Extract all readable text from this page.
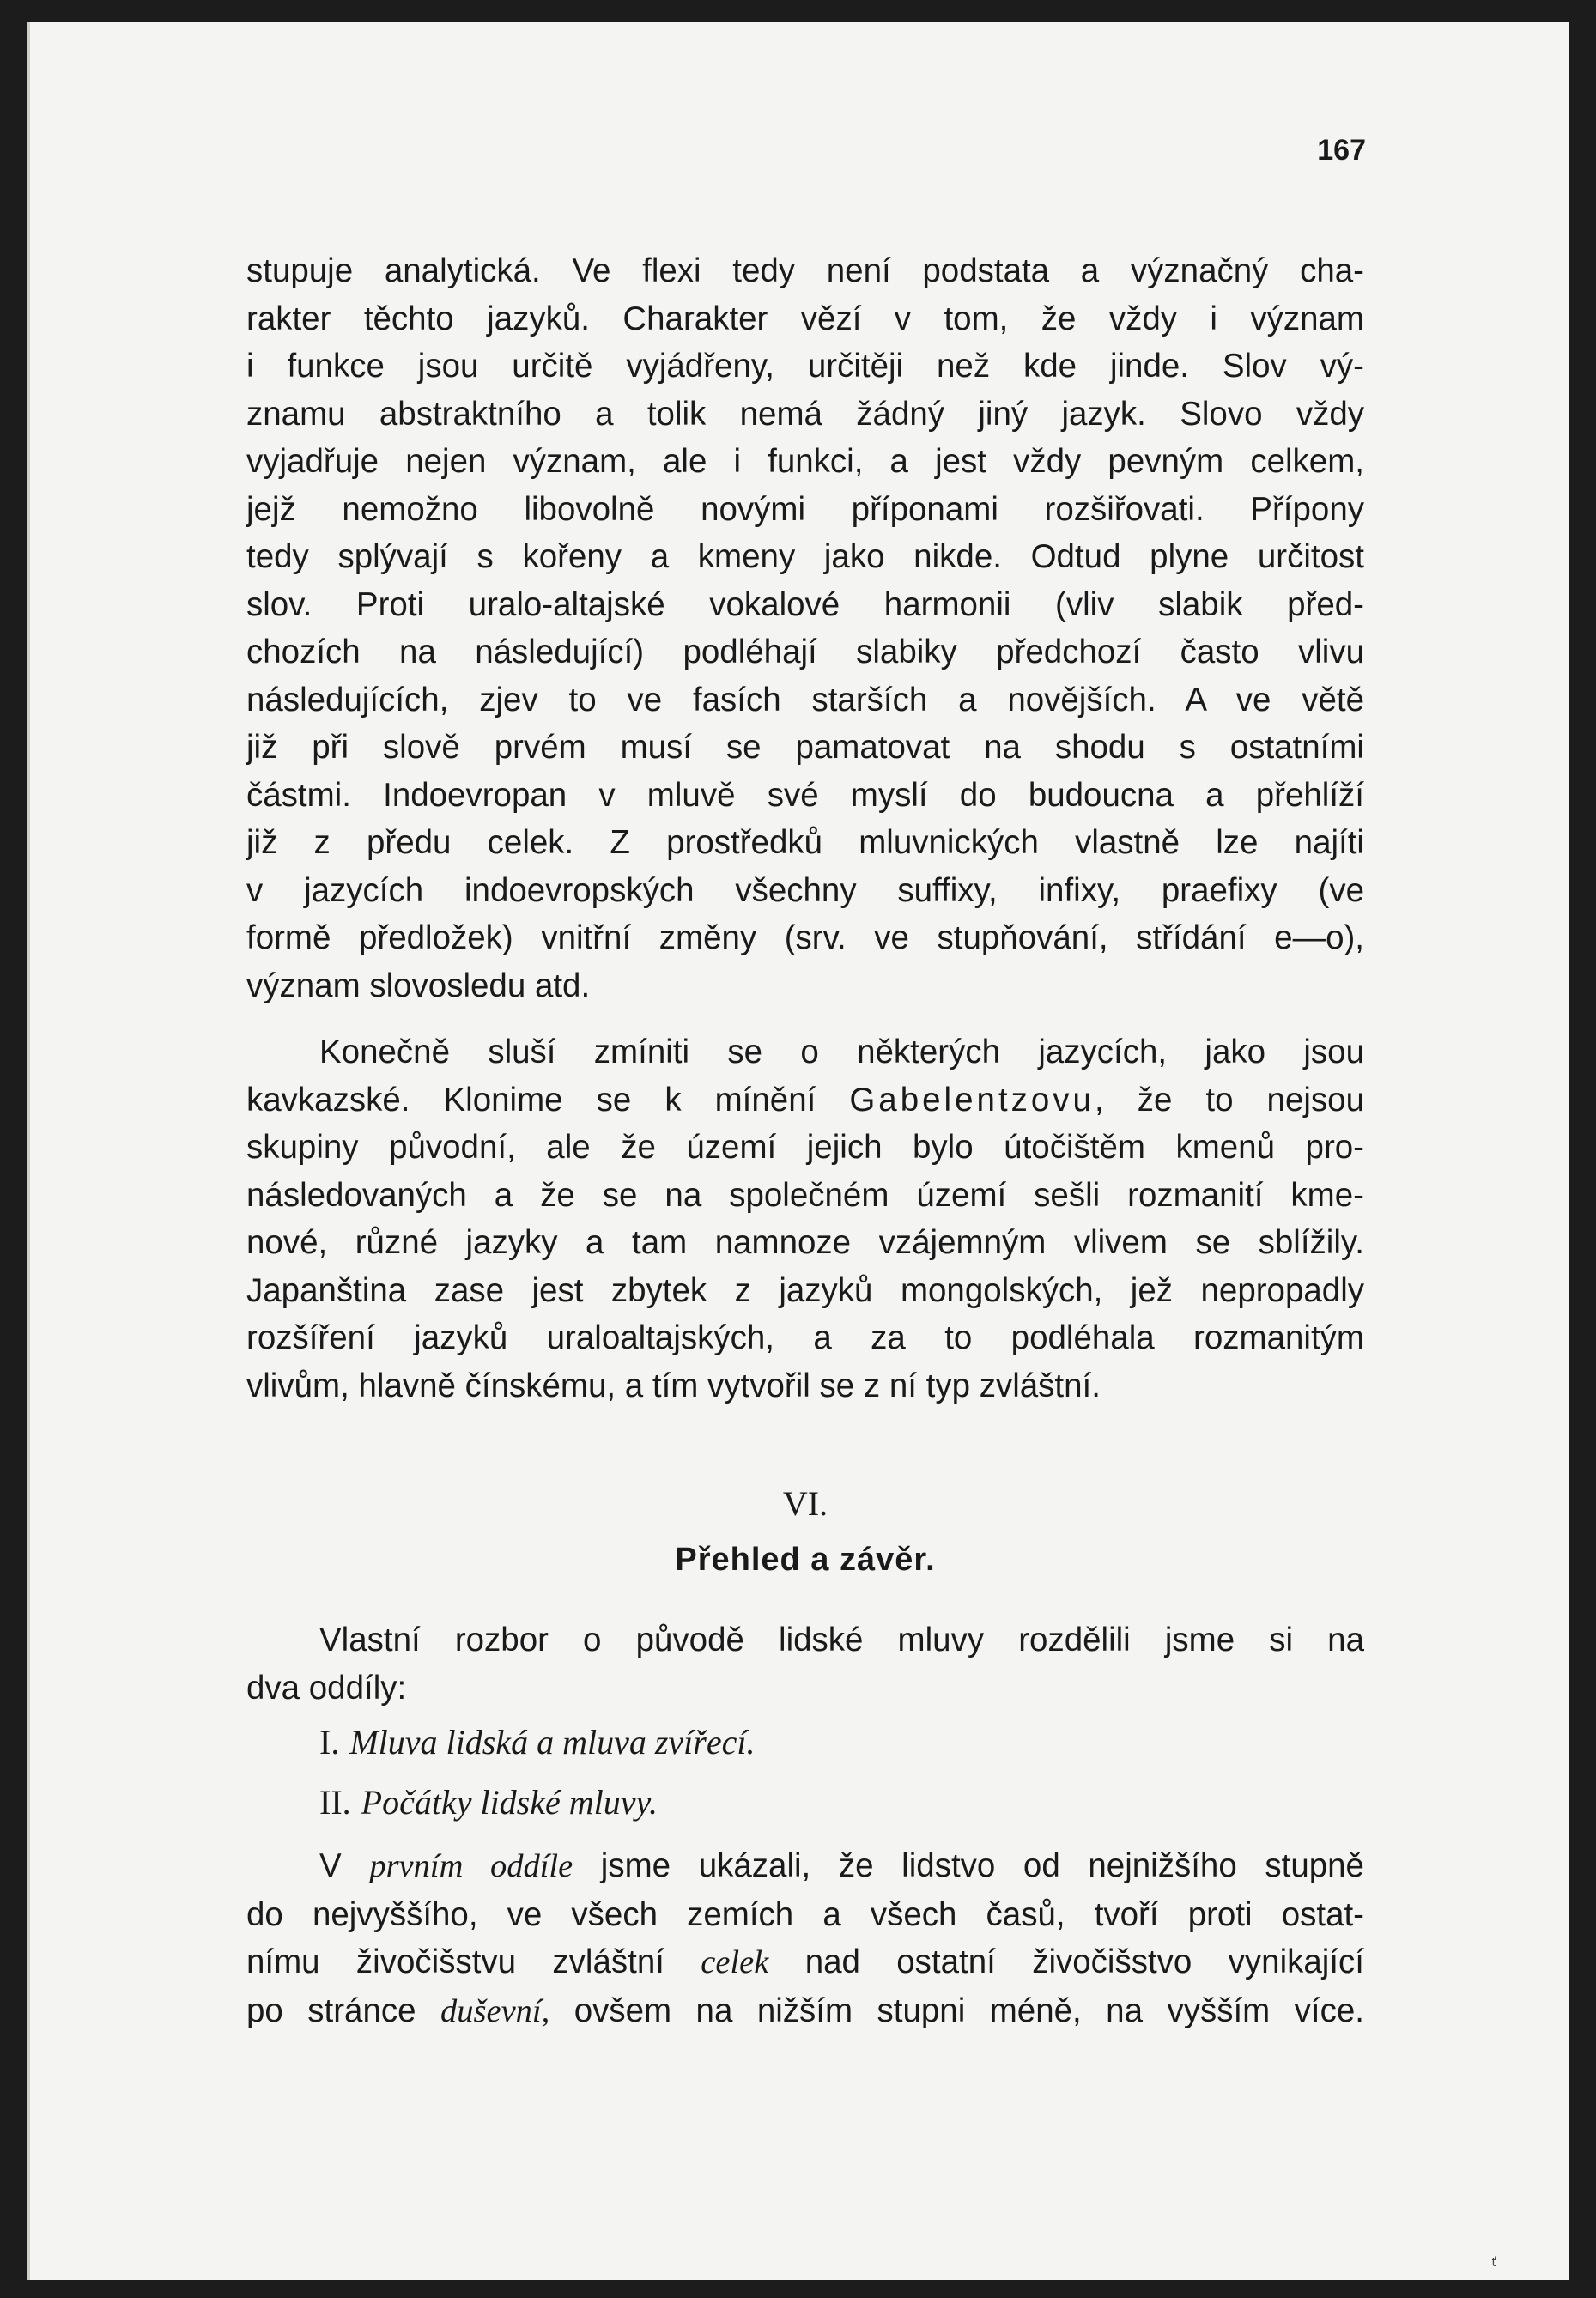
167
stupuje analytická. Ve flexi tedy není podstata a význačný cha-
rakter těchto jazyků. Charakter vězí v tom, že vždy i význam
i funkce jsou určitě vyjádřeny, určitěji než kde jinde. Slov vý-
znamu abstraktního a tolik nemá žádný jiný jazyk. Slovo vždy
vyjadřuje nejen význam, ale i funkci, a jest vždy pevným celkem,
jejž nemožno libovolně novými příponami rozšiřovati. Přípony
tedy splývají s kořeny a kmeny jako nikde. Odtud plyne určitost
slov. Proti uralo-altajské vokalové harmonii (vliv slabik před-
chozích na následující) podléhají slabiky předchozí často vlivu
následujících, zjev to ve fasích starších a novějších. A ve větě
již při slově prvém musí se pamatovat na shodu s ostatními
částmi. Indoevropan v mluvě své myslí do budoucna a přehlíží
již z předu celek. Z prostředků mluvnických vlastně lze najíti
v jazycích indoevropských všechny suffixy, infixy, praefixy (ve
formě předložek) vnitřní změny (srv. ve stupňování, střídání e—o),
význam slovosledu atd.
Konečně sluší zmíniti se o některých jazycích, jako jsou
kavkazské. Klonime se k mínění Gabelentzovu, že to nejsou
skupiny původní, ale že území jejich bylo útočištěm kmenů pro-
následovaných a že se na společném území sešli rozmanití kme-
nové, různé jazyky a tam namnoze vzájemným vlivem se sblížily.
Japanština zase jest zbytek z jazyků mongolských, jež nepropadly
rozšíření jazyků uraloaltajských, a za to podléhala rozmanitým
vlivům, hlavně čínskému, a tím vytvořil se z ní typ zvláštní.
VI.
Přehled a závěr.
Vlastní rozbor o původě lidské mluvy rozdělili jsme si na
dva oddíly:
I. Mluva lidská a mluva zvířecí.
II. Počátky lidské mluvy.
V prvním oddíle jsme ukázali, že lidstvo od nejnižšího stupně
do nejvyššího, ve všech zemích a všech časů, tvoří proti ostat-
nímu živočišstvu zvláštní celek nad ostatní živočišstvo vynikající
po stránce duševní, ovšem na nižším stupni méně, na vyšším více.
ť
